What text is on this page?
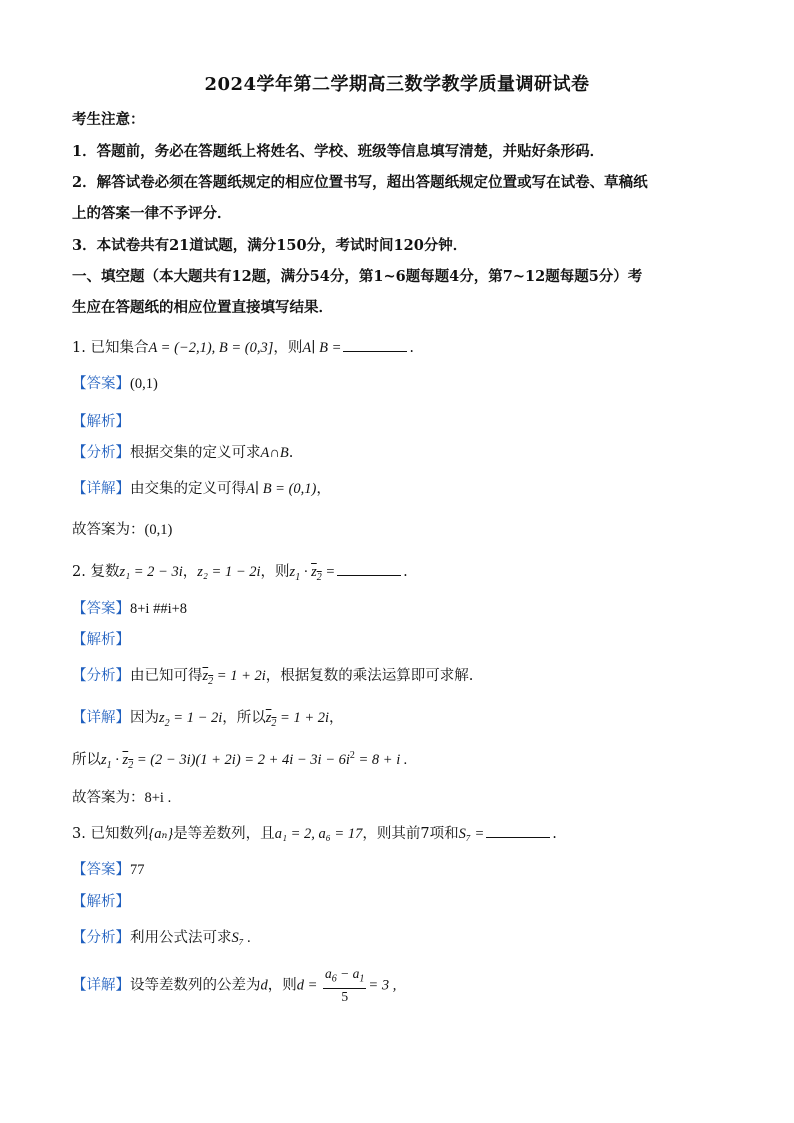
2024学年第二学期高三数学教学质量调研试卷
考生注意：
1．答题前，务必在答题纸上将姓名、学校、班级等信息填写清楚，并贴好条形码．
2．解答试卷必须在答题纸规定的相应位置书写，超出答题纸规定位置或写在试卷、草稿纸
上的答案一律不予评分．
3．本试卷共有21道试题，满分150分，考试时间120分钟．
一、填空题（本大题共有12题，满分54分，第1~6题每题4分，第7~12题每题5分）考
生应在答题纸的相应位置直接填写结果．
1. 已知集合A = (−2,1), B = (0,3]，则A∣ B =	.
【答案】(0,1)
【解析】
【分析】根据交集的定义可求A∩B.
【详解】由交集的定义可得A∣ B = (0,1)，
故答案为：(0,1)
2. 复数z₁ = 2 − 3i，z₂ = 1 − 2i，则$z_1 \cdot z_2$ =	.
【答案】8+i ##i+8
【解析】
【分析】由已知可得$z_2 = 1 + 2i$，根据复数的乘法运算即可求解.
【详解】因为$z_2 = 1 - 2i$，所以$z_2 = 1 + 2i$，
所以$z_1 \cdot z_2 = (2 - 3i)(1 + 2i) = 2 + 4i - 3i - 6i^2 = 8 + i$ .
故答案为：8+i .
3. 已知数列{aₙ}是等差数列，且a₁ = 2, a₆ = 17，则其前7项和S₇ =	.
【答案】77
【解析】
【分析】利用公式法可求S₇ .
【详解】设等差数列的公差为d，则$d = \frac{a_6 - a_1}{5} = 3$ ,
